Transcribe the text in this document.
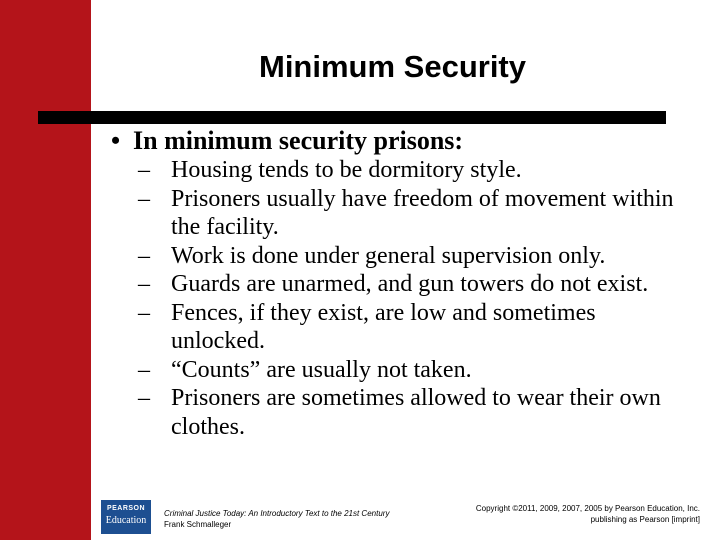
Minimum Security
• In minimum security prisons:
– Housing tends to be dormitory style.
– Prisoners usually have freedom of movement within the facility.
– Work is done under general supervision only.
– Guards are unarmed, and gun towers do not exist.
– Fences, if they exist, are low and sometimes unlocked.
– “Counts” are usually not taken.
– Prisoners are sometimes allowed to wear their own clothes.
PEARSON
Education
Criminal Justice Today: An Introductory Text to the 21st Century
Frank Schmalleger
Copyright ©2011, 2009, 2007, 2005 by Pearson Education, Inc.
publishing as Pearson [imprint]
